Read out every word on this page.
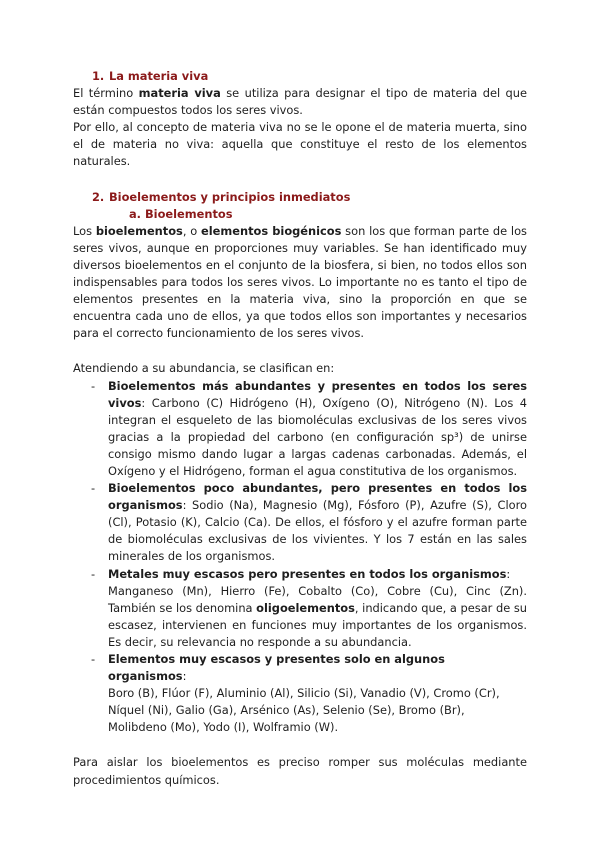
1. La materia viva

El término materia viva se utiliza para designar el tipo de materia del que están compuestos todos los seres vivos.

Por ello, al concepto de materia viva no se le opone el de materia muerta, sino el de materia no viva: aquella que constituye el resto de los elementos naturales.

2. Bioelementos y principios inmediatos
a. Bioelementos

Los bioelementos, o elementos biogénicos son los que forman parte de los seres vivos, aunque en proporciones muy variables. Se han identificado muy diversos bioelementos en el conjunto de la biosfera, si bien, no todos ellos son indispensables para todos los seres vivos. Lo importante no es tanto el tipo de elementos presentes en la materia viva, sino la proporción en que se encuentra cada uno de ellos, ya que todos ellos son importantes y necesarios para el correcto funcionamiento de los seres vivos.

Atendiendo a su abundancia, se clasifican en:

- Bioelementos más abundantes y presentes en todos los seres vivos: Carbono (C) Hidrógeno (H), Oxígeno (O), Nitrógeno (N). Los 4 integran el esqueleto de las biomoléculas exclusivas de los seres vivos gracias a la propiedad del carbono (en configuración sp³) de unirse consigo mismo dando lugar a largas cadenas carbonadas. Además, el Oxígeno y el Hidrógeno, forman el agua constitutiva de los organismos.
- Bioelementos poco abundantes, pero presentes en todos los organismos: Sodio (Na), Magnesio (Mg), Fósforo (P), Azufre (S), Cloro (Cl), Potasio (K), Calcio (Ca). De ellos, el fósforo y el azufre forman parte de biomoléculas exclusivas de los vivientes. Y los 7 están en las sales minerales de los organismos.
- Metales muy escasos pero presentes en todos los organismos:
Manganeso (Mn), Hierro (Fe), Cobalto (Co), Cobre (Cu), Cinc (Zn). También se los denomina oligoelementos, indicando que, a pesar de su escasez, intervienen en funciones muy importantes de los organismos. Es decir, su relevancia no responde a su abundancia.
- Elementos muy escasos y presentes solo en algunos organismos:
Boro (B), Flúor (F), Aluminio (Al), Silicio (Si), Vanadio (V), Cromo (Cr),
Níquel (Ni), Galio (Ga), Arsénico (As), Selenio (Se), Bromo (Br),
Molibdeno (Mo), Yodo (I), Wolframio (W).

Para aislar los bioelementos es preciso romper sus moléculas mediante procedimientos químicos.
